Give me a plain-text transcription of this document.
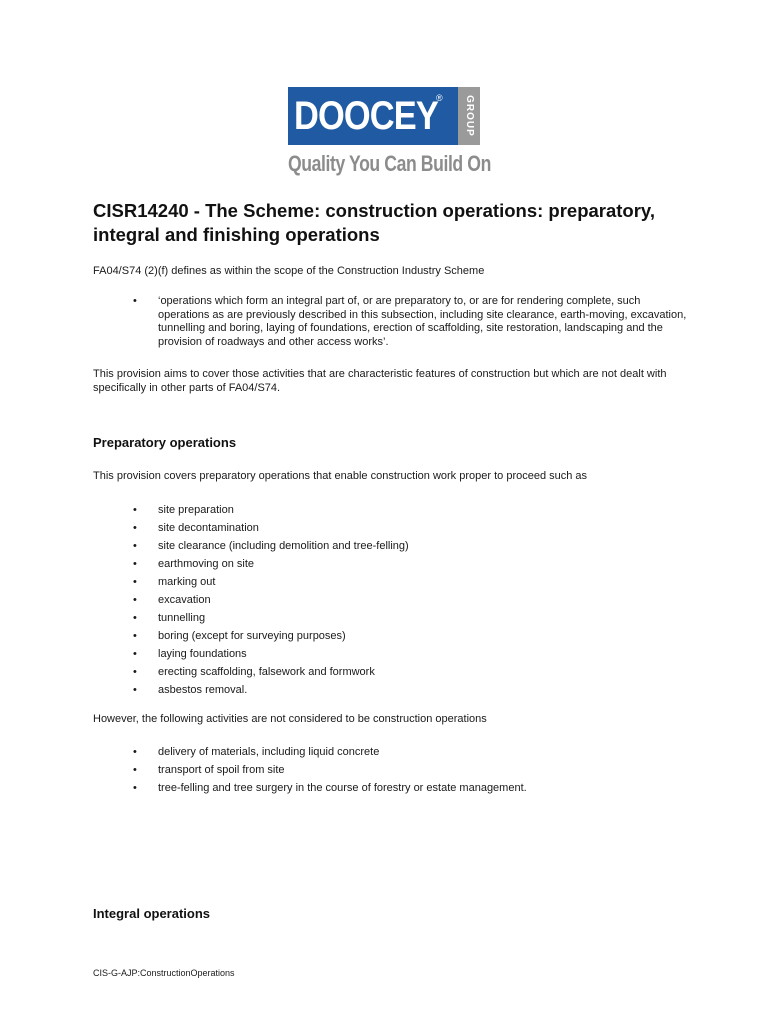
DOOCEY
®	GROUP
Quality You Can Build On
CISR14240 - The Scheme: construction operations: preparatory, integral and finishing operations
FA04/S74 (2)(f) defines as within the scope of the Construction Industry Scheme
• ‘operations which form an integral part of, or are preparatory to, or are for rendering complete, such operations as are previously described in this subsection, including site clearance, earth-moving, excavation, tunnelling and boring, laying of foundations, erection of scaffolding, site restoration, landscaping and the provision of roadways and other access works’.
This provision aims to cover those activities that are characteristic features of construction but which are not dealt with specifically in other parts of FA04/S74.
Preparatory operations
This provision covers preparatory operations that enable construction work proper to proceed such as
• site preparation
• site decontamination
• site clearance (including demolition and tree-felling)
• earthmoving on site
• marking out
• excavation
• tunnelling
• boring (except for surveying purposes)
• laying foundations
• erecting scaffolding, falsework and formwork
• asbestos removal.
However, the following activities are not considered to be construction operations
• delivery of materials, including liquid concrete
• transport of spoil from site
• tree-felling and tree surgery in the course of forestry or estate management.
Integral operations
CIS-G-AJP:ConstructionOperations
